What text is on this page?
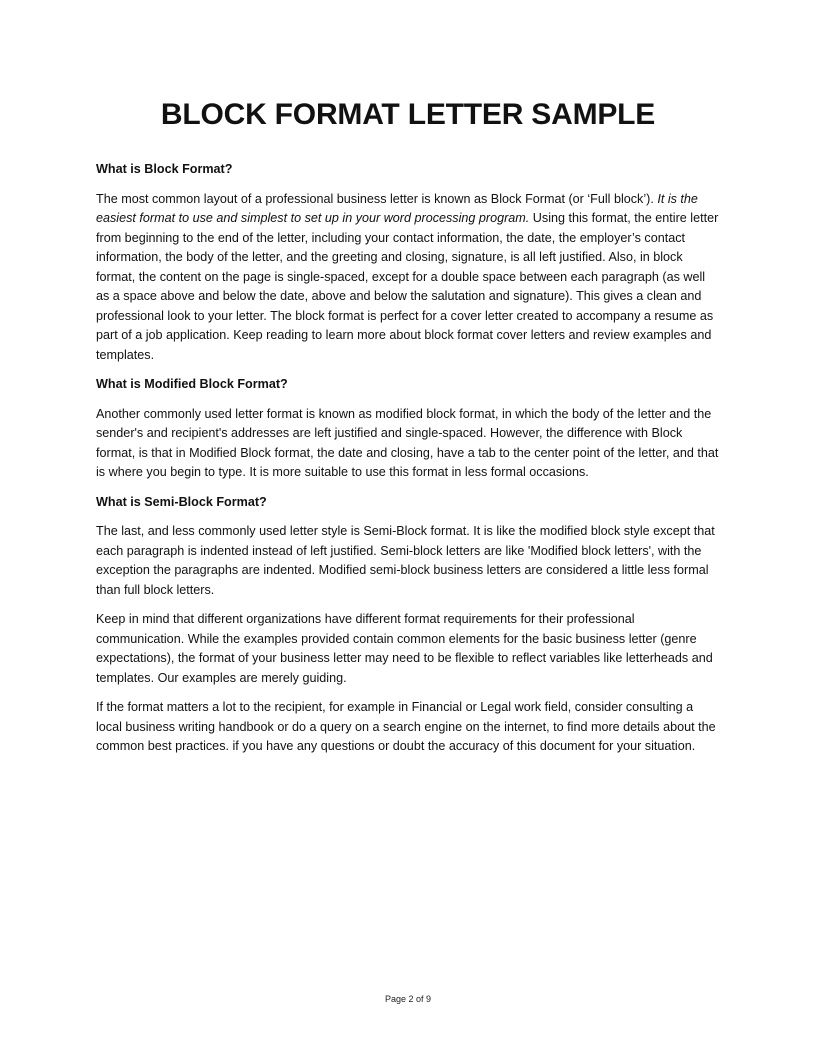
BLOCK FORMAT LETTER SAMPLE
What is Block Format?

The most common layout of a professional business letter is known as Block Format (or ‘Full block’). It is the easiest format to use and simplest to set up in your word processing program. Using this format, the entire letter from beginning to the end of the letter, including your contact information, the date, the employer’s contact information, the body of the letter, and the greeting and closing, signature, is all left justified. Also, in block format, the content on the page is single-spaced, except for a double space between each paragraph (as well as a space above and below the date, above and below the salutation and signature). This gives a clean and professional look to your letter. The block format is perfect for a cover letter created to accompany a resume as part of a job application. Keep reading to learn more about block format cover letters and review examples and templates.

What is Modified Block Format?

Another commonly used letter format is known as modified block format, in which the body of the letter and the sender's and recipient's addresses are left justified and single-spaced. However, the difference with Block format, is that in Modified Block format, the date and closing, have a tab to the center point of the letter, and that is where you begin to type. It is more suitable to use this format in less formal occasions.

What is Semi-Block Format?

The last, and less commonly used letter style is Semi-Block format. It is like the modified block style except that each paragraph is indented instead of left justified. Semi-block letters are like 'Modified block letters', with the exception the paragraphs are indented. Modified semi-block business letters are considered a little less formal than full block letters.

Keep in mind that different organizations have different format requirements for their professional communication. While the examples provided contain common elements for the basic business letter (genre expectations), the format of your business letter may need to be flexible to reflect variables like letterheads and templates. Our examples are merely guiding.

If the format matters a lot to the recipient, for example in Financial or Legal work field, consider consulting a local business writing handbook or do a query on a search engine on the internet, to find more details about the common best practices. if you have any questions or doubt the accuracy of this document for your situation.

Page 2 of 9
